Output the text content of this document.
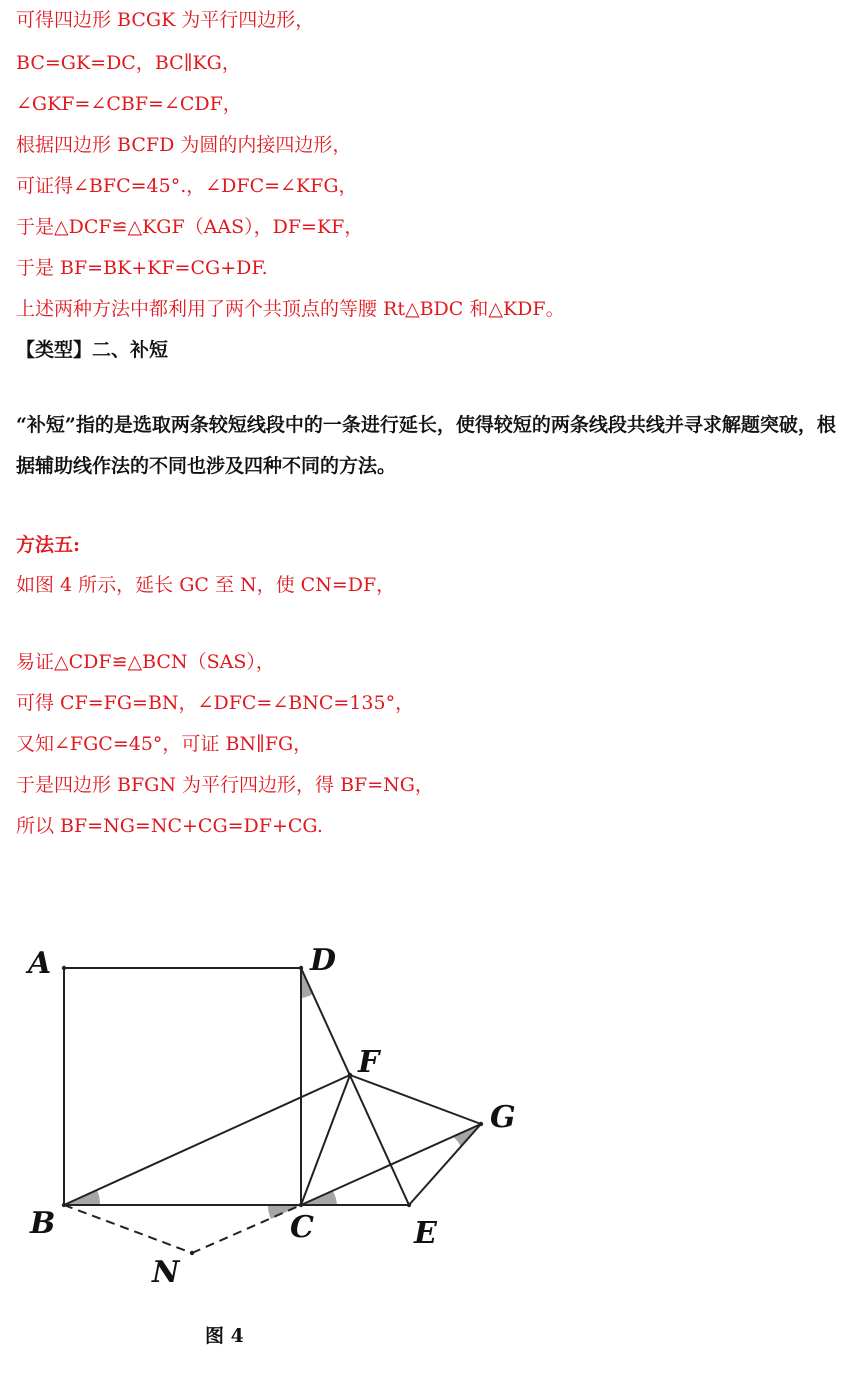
可得四边形 BCGK 为平行四边形，
BC=GK=DC，BC∥KG，
∠GKF=∠CBF=∠CDF，
根据四边形 BCFD 为圆的内接四边形，
可证得∠BFC=45°.，∠DFC=∠KFG，
于是△DCF≌△KGF（AAS），DF=KF，
于是 BF=BK+KF=CG+DF.
上述两种方法中都利用了两个共顶点的等腰 Rt△BDC 和△KDF。
【类型】二、补短
“补短”指的是选取两条较短线段中的一条进行延长，使得较短的两条线段共线并寻求解题突破，根据辅助线作法的不同也涉及四种不同的方法。
方法五:
如图 4 所示，延长 GC 至 N，使 CN=DF，
易证△CDF≌△BCN（SAS），
可得 CF=FG=BN，∠DFC=∠BNC=135°，
又知∠FGC=45°，可证 BN∥FG，
于是四边形 BFGN 为平行四边形，得 BF=NG，
所以 BF=NG=NC+CG=DF+CG.
A	D
F
G
B	C	E
N
图 4
